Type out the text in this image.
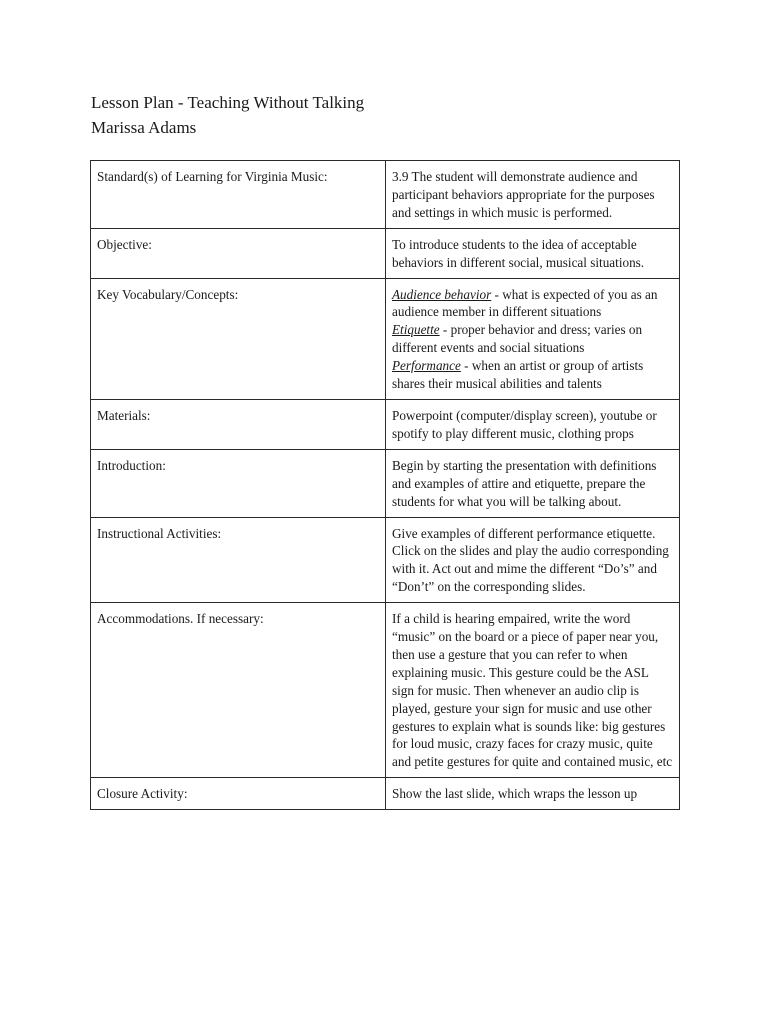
Lesson Plan - Teaching Without Talking
Marissa Adams
Standard(s) of Learning for Virginia Music:	3.9 The student will demonstrate audience and participant behaviors appropriate for the purposes and settings in which music is performed.
Objective:	To introduce students to the idea of acceptable behaviors in different social, musical situations.
Key Vocabulary/Concepts:	Audience behavior - what is expected of you as an audience member in different situations
Etiquette - proper behavior and dress; varies on different events and social situations
Performance - when an artist or group of artists shares their musical abilities and talents

Materials:	Powerpoint (computer/display screen), youtube or spotify to play different music, clothing props
Introduction:	Begin by starting the presentation with definitions and examples of attire and etiquette, prepare the students for what you will be talking about.
Instructional Activities:	Give examples of different performance etiquette. Click on the slides and play the audio corresponding with it. Act out and mime the different “Do’s” and “Don’t” on the corresponding slides.
Accommodations. If necessary:	If a child is hearing empaired, write the word “music” on the board or a piece of paper near you, then use a gesture that you can refer to when explaining music. This gesture could be the ASL sign for music. Then whenever an audio clip is played, gesture your sign for music and use other gestures to explain what is sounds like: big gestures for loud music, crazy faces for crazy music, quite and petite gestures for quite and contained music, etc
Closure Activity:	Show the last slide, which wraps the lesson up
